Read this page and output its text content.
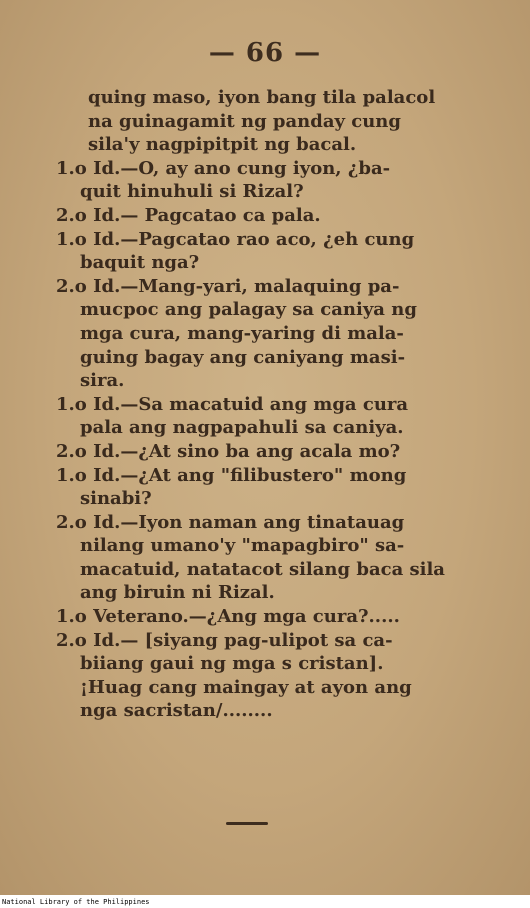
— 66 —
quing maso, iyon bang tila palacol
na guinagamit ng panday cung
sila'y nagpipitpit ng bacal.
1.o Id.—O, ay ano cung iyon, ¿ba-
quit hinuhuli si Rizal?
2.o Id.— Pagcatao ca pala.
1.o Id.—Pagcatao rao aco, ¿eh cung
baquit nga?
2.o Id.—Mang-yari, malaquing pa-
mucpoc ang palagay sa caniya ng
mga cura, mang-yaring di mala-
guing bagay ang caniyang masi-
sira.
1.o Id.—Sa macatuid ang mga cura
pala ang nagpapahuli sa caniya.
2.o Id.—¿At sino ba ang acala mo?
1.o Id.—¿At ang "filibustero" mong
sinabi?
2.o Id.—Iyon naman ang tinatauag
nilang umano'y "mapagbiro" sa-
macatuid, natatacot silang baca sila
ang biruin ni Rizal.
1.o Veterano.—¿Ang mga cura?.....
2.o Id.— [siyang pag-ulipot sa ca-
biiang gaui ng mga s cristan].
¡Huag cang maingay at ayon ang
nga sacristan/........
National Library of the Philippines
